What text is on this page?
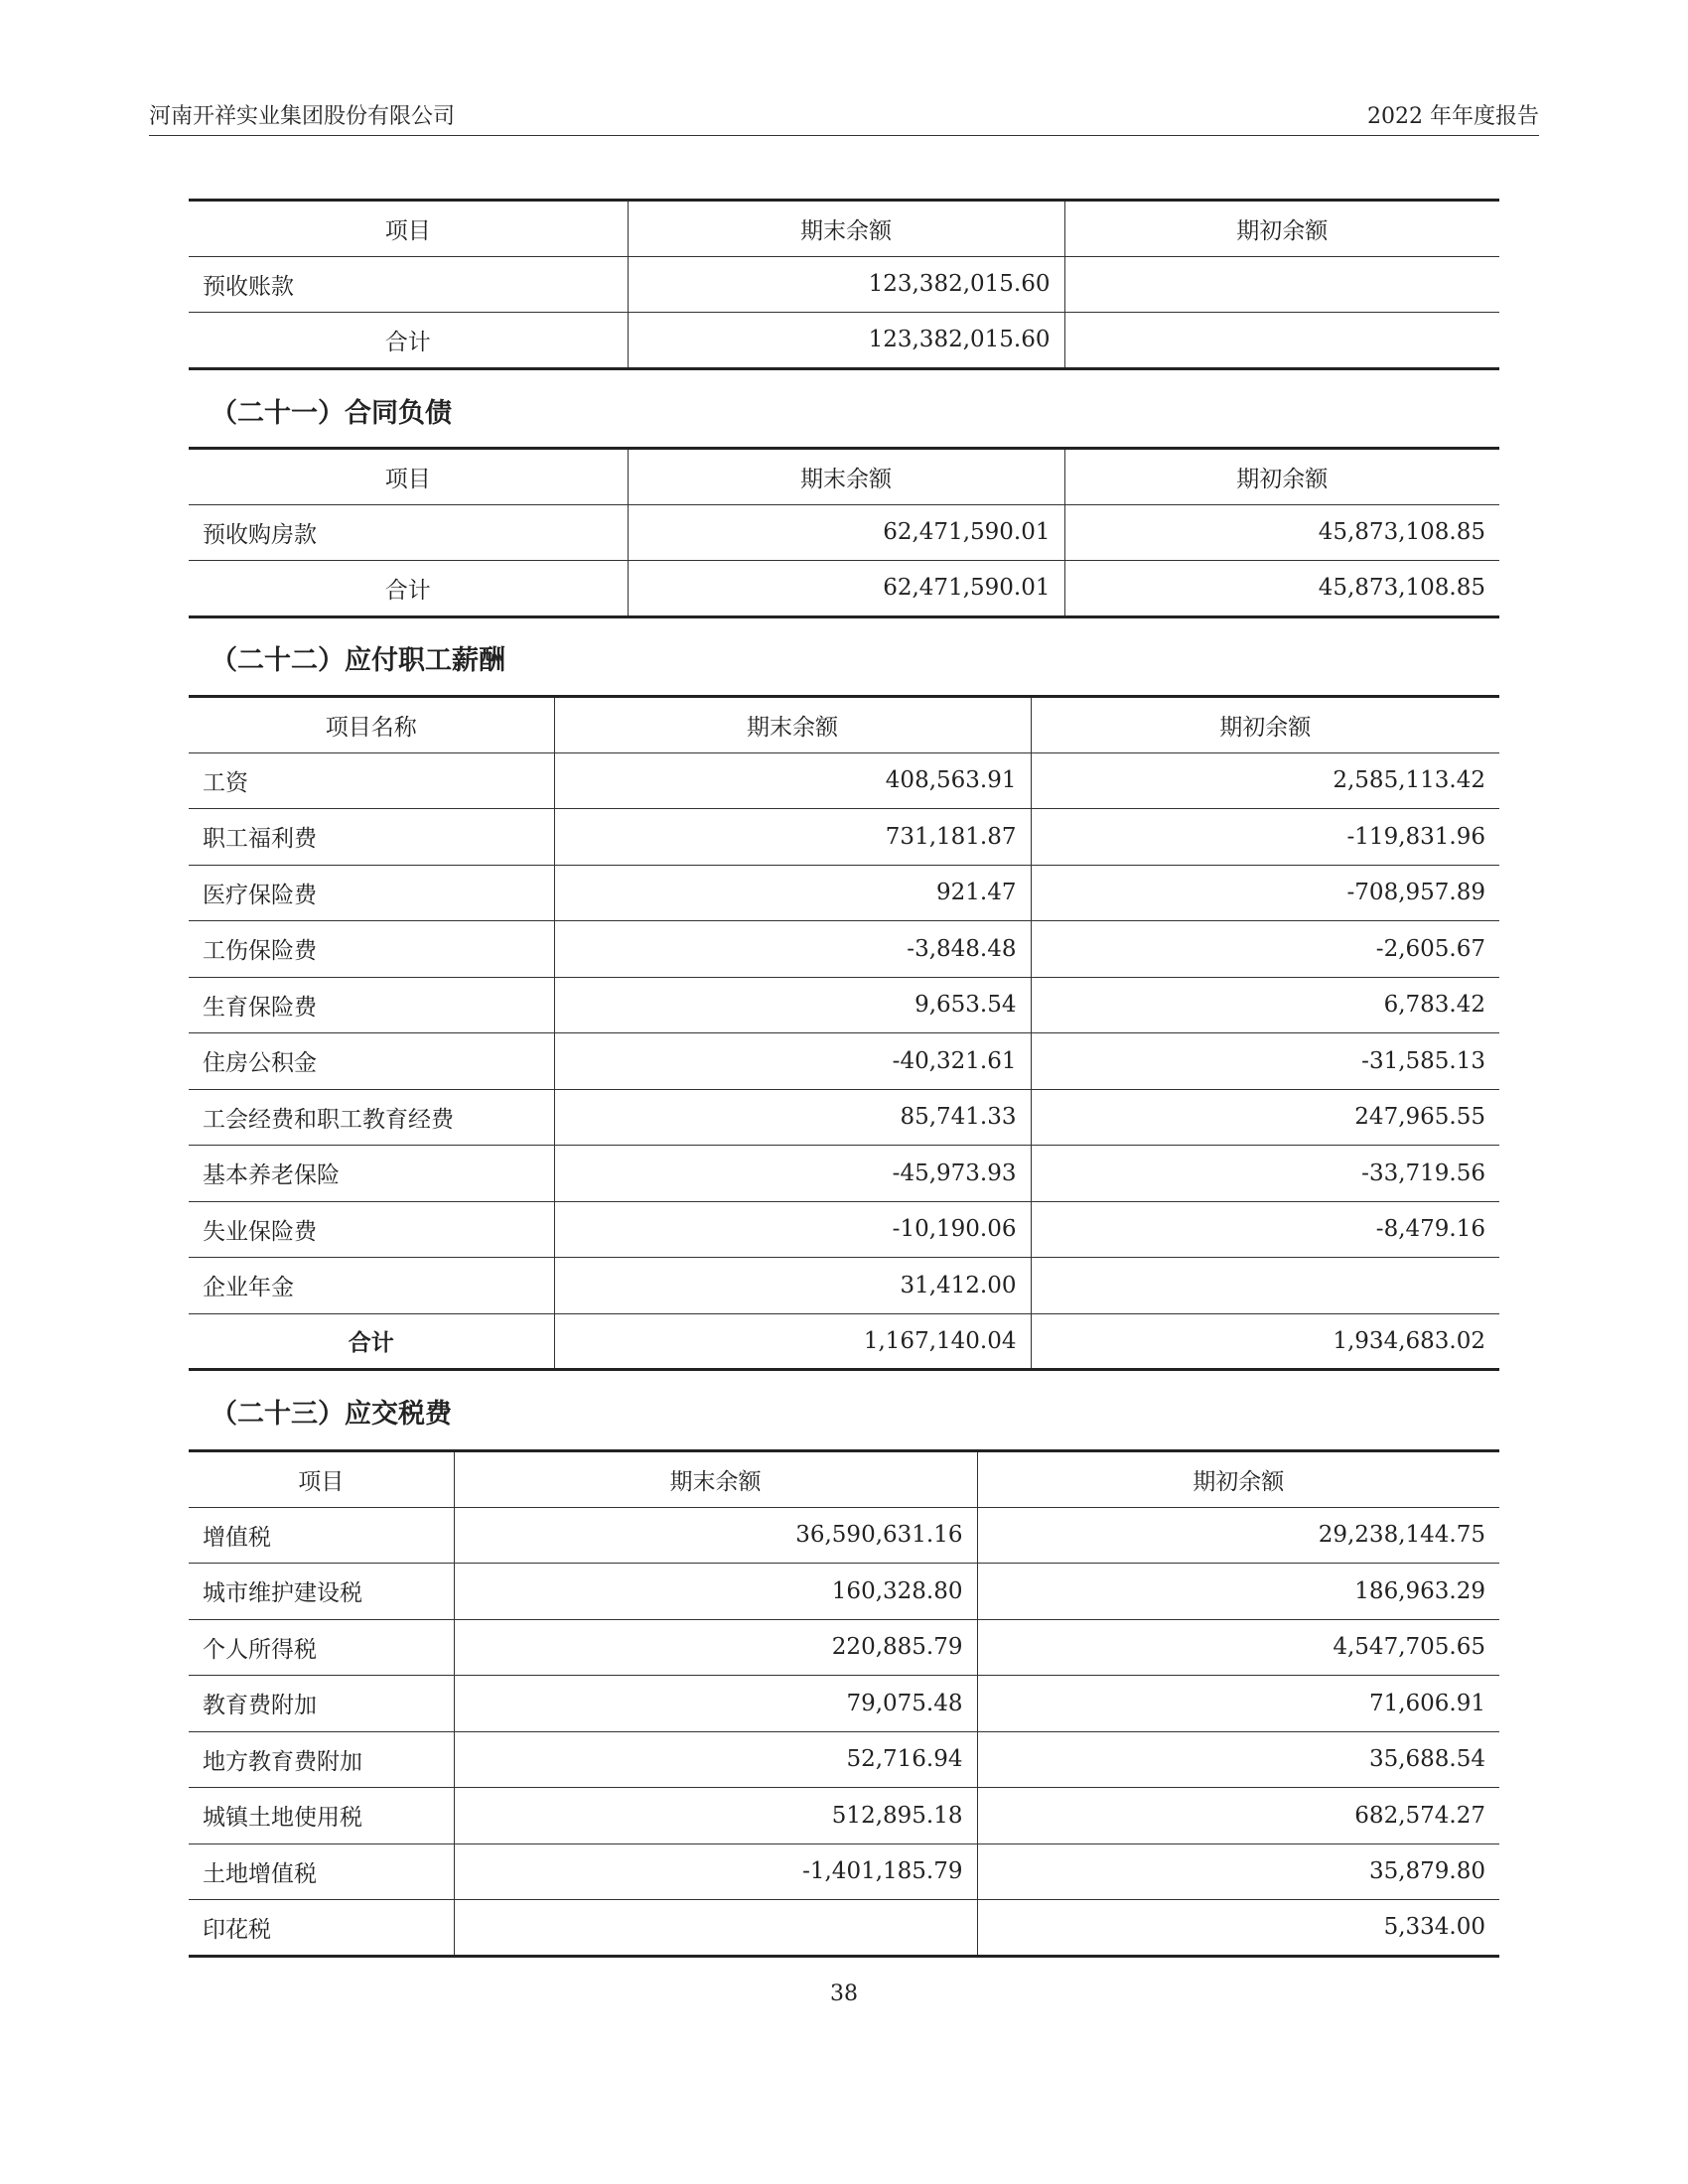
河南开祥实业集团股份有限公司	2022 年年度报告
项目	期末余额	期初余额
预收账款	123,382,015.60	
合计	123,382,015.60	
（二十一）合同负债
项目	期末余额	期初余额
预收购房款	62,471,590.01	45,873,108.85
合计	62,471,590.01	45,873,108.85
（二十二）应付职工薪酬
项目名称	期末余额	期初余额
工资	408,563.91	2,585,113.42
职工福利费	731,181.87	-119,831.96
医疗保险费	921.47	-708,957.89
工伤保险费	-3,848.48	-2,605.67
生育保险费	9,653.54	6,783.42
住房公积金	-40,321.61	-31,585.13
工会经费和职工教育经费	85,741.33	247,965.55
基本养老保险	-45,973.93	-33,719.56
失业保险费	-10,190.06	-8,479.16
企业年金	31,412.00	
合计	1,167,140.04	1,934,683.02
（二十三）应交税费
项目	期末余额	期初余额
增值税	36,590,631.16	29,238,144.75
城市维护建设税	160,328.80	186,963.29
个人所得税	220,885.79	4,547,705.65
教育费附加	79,075.48	71,606.91
地方教育费附加	52,716.94	35,688.54
城镇土地使用税	512,895.18	682,574.27
土地增值税	-1,401,185.79	35,879.80
印花税		5,334.00
38
